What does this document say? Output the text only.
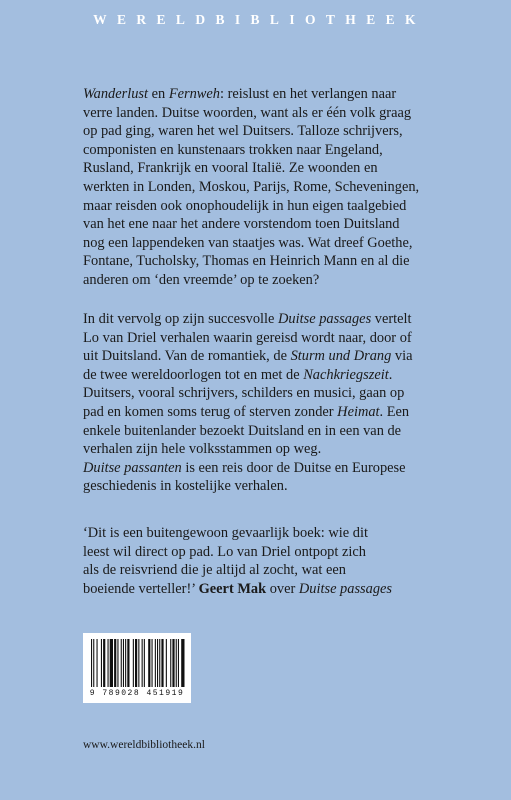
WERELDBIBLIOTHEEK

Wanderlust en Fernweh: reislust en het verlangen naar
verre landen. Duitse woorden, want als er één volk graag
op pad ging, waren het wel Duitsers. Talloze schrijvers,
componisten en kunstenaars trokken naar Engeland,
Rusland, Frankrijk en vooral Italië. Ze woonden en
werkten in Londen, Moskou, Parijs, Rome, Scheveningen,
maar reisden ook onophoudelijk in hun eigen taalgebied
van het ene naar het andere vorstendom toen Duitsland
nog een lappendeken van staatjes was. Wat dreef Goethe,
Fontane, Tucholsky, Thomas en Heinrich Mann en al die
anderen om ‘den vreemde’ op te zoeken?

In dit vervolg op zijn succesvolle Duitse passages vertelt
Lo van Driel verhalen waarin gereisd wordt naar, door of
uit Duitsland. Van de romantiek, de Sturm und Drang via
de twee wereldoorlogen tot en met de Nachkriegszeit.
Duitsers, vooral schrijvers, schilders en musici, gaan op
pad en komen soms terug of sterven zonder Heimat. Een
enkele buitenlander bezoekt Duitsland en in een van de
verhalen zijn hele volksstammen op weg.
Duitse passanten is een reis door de Duitse en Europese
geschiedenis in kostelijke verhalen.

‘Dit is een buitengewoon gevaarlijk boek: wie dit
leest wil direct op pad. Lo van Driel ontpopt zich
als de reisvriend die je altijd al zocht, wat een
boeiende verteller!’ Geert Mak over Duitse passages

9 789028 451919
www.wereldbibliotheek.nl
